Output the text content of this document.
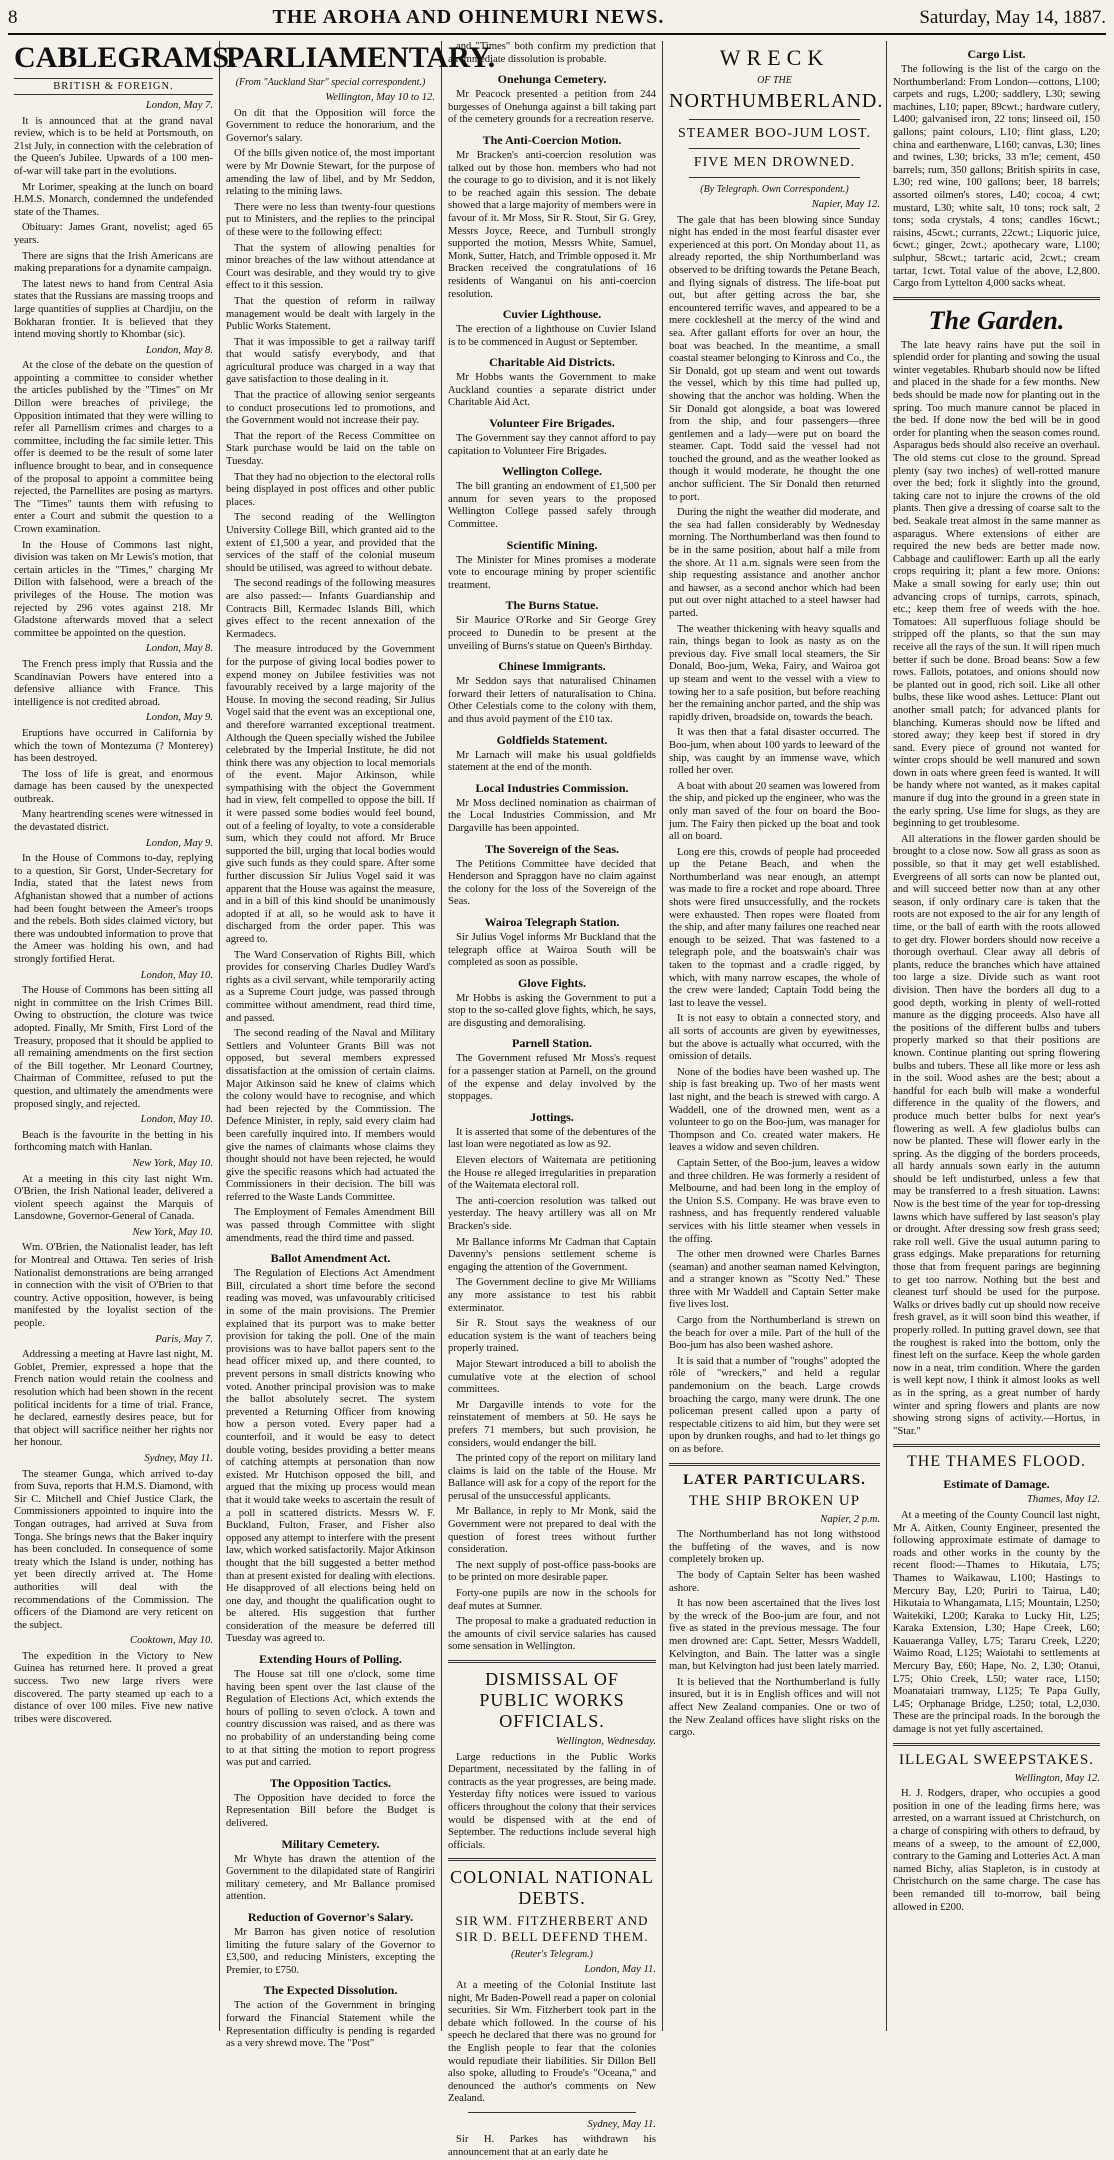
8	THE AROHA AND OHINEMURI NEWS.	Saturday, May 14, 1887.
CABLEGRAMS.
BRITISH & FOREIGN.

London, May 7.

It is announced that at the grand naval review, which is to be held at Portsmouth, on 21st July, in connection with the celebration of the Queen's Jubilee. Upwards of a 100 men-of-war will take part in the evolutions.

Mr Lorimer, speaking at the lunch on board H.M.S. Monarch, condemned the undefended state of the Thames.

Obituary: James Grant, novelist; aged 65 years.

There are signs that the Irish Americans are making preparations for a dynamite campaign.

The latest news to hand from Central Asia states that the Russians are massing troops and large quantities of supplies at Chardjiu, on the Bokharan frontier. It is believed that they intend moving shortly to Khombar (sic).

London, May 8.

At the close of the debate on the question of appointing a committee to consider whether the articles published by the "Times" on Mr Dillon were breaches of privilege, the Opposition intimated that they were willing to refer all Parnellism crimes and charges to a committee, including the fac simile letter. This offer is deemed to be the result of some later influence brought to bear, and in consequence of the proposal to appoint a committee being rejected, the Parnellites are posing as martyrs. The "Times" taunts them with refusing to enter a Court and submit the question to a Crown examination.

In the House of Commons last night, division was taken on Mr Lewis's motion, that certain articles in the "Times," charging Mr Dillon with falsehood, were a breach of the privileges of the House. The motion was rejected by 296 votes against 218. Mr Gladstone afterwards moved that a select committee be appointed on the question.

London, May 8.

The French press imply that Russia and the Scandinavian Powers have entered into a defensive alliance with France. This intelligence is not credited abroad.

London, May 9.

Eruptions have occurred in California by which the town of Montezuma (? Monterey) has been destroyed.

The loss of life is great, and enormous damage has been caused by the unexpected outbreak.

Many heartrending scenes were witnessed in the devastated district.

London, May 9.

In the House of Commons to-day, replying to a question, Sir Gorst, Under-Secretary for India, stated that the latest news from Afghanistan showed that a number of actions had been fought between the Ameer's troops and the rebels. Both sides claimed victory, but there was undoubted information to prove that the Ameer was holding his own, and had strongly fortified Herat.

London, May 10.

The House of Commons has been sitting all night in committee on the Irish Crimes Bill. Owing to obstruction, the cloture was twice adopted. Finally, Mr Smith, First Lord of the Treasury, proposed that it should be applied to all remaining amendments on the first section of the Bill together. Mr Leonard Courtney, Chairman of Committee, refused to put the question, and ultimately the amendments were proposed singly, and rejected.

London, May 10.

Beach is the favourite in the betting in his forthcoming match with Hanlan.

New York, May 10.

At a meeting in this city last night Wm. O'Brien, the Irish National leader, delivered a violent speech against the Marquis of Lansdowne, Governor-General of Canada.

New York, May 10.

Wm. O'Brien, the Nationalist leader, has left for Montreal and Ottawa. Ten series of Irish Nationalist demonstrations are being arranged in connection with the visit of O'Brien to that country. Active opposition, however, is being manifested by the loyalist section of the people.

Paris, May 7.

Addressing a meeting at Havre last night, M. Goblet, Premier, expressed a hope that the French nation would retain the coolness and resolution which had been shown in the recent political incidents for a time of trial. France, he declared, earnestly desires peace, but for that object will sacrifice neither her rights nor her honour.

Sydney, May 11.

The steamer Gunga, which arrived to-day from Suva, reports that H.M.S. Diamond, with Sir C. Mitchell and Chief Justice Clark, the Commissioners appointed to inquire into the Tongan outrages, had arrived at Suva from Tonga. She brings news that the Baker inquiry has been concluded. In consequence of some treaty which the Island is under, nothing has yet been directly arrived at. The Home authorities will deal with the recommendations of the Commission. The officers of the Diamond are very reticent on the subject.

Cooktown, May 10.

The expedition in the Victory to New Guinea has returned here. It proved a great success. Two new large rivers were discovered. The party steamed up each to a distance of over 100 miles. Five new native tribes were discovered.

PARLIAMENTARY.
(From "Auckland Star" special correspondent.)

Wellington, May 10 to 12.

On dit that the Opposition will force the Government to reduce the honorarium, and the Governor's salary.

Of the bills given notice of, the most important were by Mr Downie Stewart, for the purpose of amending the law of libel, and by Mr Seddon, relating to the mining laws.

There were no less than twenty-four questions put to Ministers, and the replies to the principal of these were to the following effect:

That the system of allowing penalties for minor breaches of the law without attendance at Court was desirable, and they would try to give effect to it this session.

That the question of reform in railway management would be dealt with largely in the Public Works Statement.

That it was impossible to get a railway tariff that would satisfy everybody, and that agricultural produce was charged in a way that gave satisfaction to those dealing in it.

That the practice of allowing senior sergeants to conduct prosecutions led to promotions, and the Government would not increase their pay.

That the report of the Recess Committee on Stark purchase would be laid on the table on Tuesday.

That they had no objection to the electoral rolls being displayed in post offices and other public places.

The second reading of the Wellington University College Bill, which granted aid to the extent of £1,500 a year, and provided that the services of the staff of the colonial museum should be utilised, was agreed to without debate.

The second readings of the following measures are also passed:— Infants Guardianship and Contracts Bill, Kermadec Islands Bill, which gives effect to the recent annexation of the Kermadecs.

The measure introduced by the Government for the purpose of giving local bodies power to expend money on Jubilee festivities was not favourably received by a large majority of the House. In moving the second reading, Sir Julius Vogel said that the event was an exceptional one, and therefore warranted exceptional treatment. Although the Queen specially wished the Jubilee celebrated by the Imperial Institute, he did not think there was any objection to local memorials of the event. Major Atkinson, while sympathising with the object the Government had in view, felt compelled to oppose the bill. If it were passed some bodies would feel bound, out of a feeling of loyalty, to vote a considerable sum, which they could not afford. Mr Bruce supported the bill, urging that local bodies would give such funds as they could spare. After some further discussion Sir Julius Vogel said it was apparent that the House was against the measure, and in a bill of this kind should be unanimously adopted if at all, so he would ask to have it discharged from the order paper. This was agreed to.

The Ward Conservation of Rights Bill, which provides for conserving Charles Dudley Ward's rights as a civil servant, while temporarily acting as a Supreme Court judge, was passed through committee without amendment, read third time, and passed.

The second reading of the Naval and Military Settlers and Volunteer Grants Bill was not opposed, but several members expressed dissatisfaction at the omission of certain claims. Major Atkinson said he knew of claims which the colony would have to recognise, and which had been rejected by the Commission. The Defence Minister, in reply, said every claim had been carefully inquired into. If members would give the names of claimants whose claims they thought should not have been rejected, he would give the specific reasons which had actuated the Commissioners in their decision. The bill was referred to the Waste Lands Committee.

The Employment of Females Amendment Bill was passed through Committee with slight amendments, read the third time and passed.

Ballot Amendment Act.

The Regulation of Elections Act Amendment Bill, circulated a short time before the second reading was moved, was unfavourably criticised in some of the main provisions. The Premier explained that its purport was to make better provision for taking the poll. One of the main provisions was to have ballot papers sent to the head officer mixed up, and there counted, to prevent persons in small districts knowing who voted. Another principal provision was to make the ballot absolutely secret. The system prevented a Returning Officer from knowing how a person voted. Every paper had a counterfoil, and it would be easy to detect double voting, besides providing a better means of catching attempts at personation than now existed. Mr Hutchison opposed the bill, and argued that the mixing up process would mean that it would take weeks to ascertain the result of a poll in scattered districts. Messrs W. F. Buckland, Fulton, Fraser, and Fisher also opposed any attempt to interfere with the present law, which worked satisfactorily. Major Atkinson thought that the bill suggested a better method than at present existed for dealing with elections. He disapproved of all elections being held on one day, and thought the qualification ought to be altered. His suggestion that further consideration of the measure be deferred till Tuesday was agreed to.

Extending Hours of Polling.

The House sat till one o'clock, some time having been spent over the last clause of the Regulation of Elections Act, which extends the hours of polling to seven o'clock. A town and country discussion was raised, and as there was no probability of an understanding being come to at that sitting the motion to report progress was put and carried.

The Opposition Tactics.

The Opposition have decided to force the Representation Bill before the Budget is delivered.

Military Cemetery.

Mr Whyte has drawn the attention of the Government to the dilapidated state of Rangiriri military cemetery, and Mr Ballance promised attention.

Reduction of Governor's Salary.

Mr Barron has given notice of resolution limiting the future salary of the Governor to £3,500, and reducing Ministers, excepting the Premier, to £750.

The Expected Dissolution.

The action of the Government in bringing forward the Financial Statement while the Representation difficulty is pending is regarded as a very shrewd move. The "Post"

and "Times" both confirm my prediction that an immediate dissolution is probable.

Onehunga Cemetery.

Mr Peacock presented a petition from 244 burgesses of Onehunga against a bill taking part of the cemetery grounds for a recreation reserve.

The Anti-Coercion Motion.

Mr Bracken's anti-coercion resolution was talked out by those hon. members who had not the courage to go to division, and it is not likely to be reached again this session. The debate showed that a large majority of members were in favour of it. Mr Moss, Sir R. Stout, Sir G. Grey, Messrs Joyce, Reece, and Turnbull strongly supported the motion, Messrs White, Samuel, Monk, Sutter, Hatch, and Trimble opposed it. Mr Bracken received the congratulations of 16 residents of Wanganui on his anti-coercion resolution.

Cuvier Lighthouse.

The erection of a lighthouse on Cuvier Island is to be commenced in August or September.

Charitable Aid Districts.

Mr Hobbs wants the Government to make Auckland counties a separate district under Charitable Aid Act.

Volunteer Fire Brigades.

The Government say they cannot afford to pay capitation to Volunteer Fire Brigades.

Wellington College.

The bill granting an endowment of £1,500 per annum for seven years to the proposed Wellington College passed safely through Committee.

Scientific Mining.

The Minister for Mines promises a moderate vote to encourage mining by proper scientific treatment.

The Burns Statue.

Sir Maurice O'Rorke and Sir George Grey proceed to Dunedin to be present at the unveiling of Burns's statue on Queen's Birthday.

Chinese Immigrants.

Mr Seddon says that naturalised Chinamen forward their letters of naturalisation to China. Other Celestials come to the colony with them, and thus avoid payment of the £10 tax.

Goldfields Statement.

Mr Larnach will make his usual goldfields statement at the end of the month.

Local Industries Commission.

Mr Moss declined nomination as chairman of the Local Industries Commission, and Mr Dargaville has been appointed.

The Sovereign of the Seas.

The Petitions Committee have decided that Henderson and Spraggon have no claim against the colony for the loss of the Sovereign of the Seas.

Wairoa Telegraph Station.

Sir Julius Vogel informs Mr Buckland that the telegraph office at Wairoa South will be completed as soon as possible.

Glove Fights.

Mr Hobbs is asking the Government to put a stop to the so-called glove fights, which, he says, are disgusting and demoralising.

Parnell Station.

The Government refused Mr Moss's request for a passenger station at Parnell, on the ground of the expense and delay involved by the stoppages.

Jottings.

It is asserted that some of the debentures of the last loan were negotiated as low as 92.

Eleven electors of Waitemata are petitioning the House re alleged irregularities in preparation of the Waitemata electoral roll.

The anti-coercion resolution was talked out yesterday. The heavy artillery was all on Mr Bracken's side.

Mr Ballance informs Mr Cadman that Captain Davenny's pensions settlement scheme is engaging the attention of the Government.

The Government decline to give Mr Williams any more assistance to test his rabbit exterminator.

Sir R. Stout says the weakness of our education system is the want of teachers being properly trained.

Major Stewart introduced a bill to abolish the cumulative vote at the election of school committees.

Mr Dargaville intends to vote for the reinstatement of members at 50. He says he prefers 71 members, but such provision, he considers, would endanger the bill.

The printed copy of the report on military land claims is laid on the table of the House. Mr Ballance will ask for a copy of the report for the perusal of the unsuccessful applicants.

Mr Ballance, in reply to Mr Monk, said the Government were not prepared to deal with the question of forest trees without further consideration.

The next supply of post-office pass-books are to be printed on more desirable paper.

Forty-one pupils are now in the schools for deaf mutes at Sumner.

The proposal to make a graduated reduction in the amounts of civil service salaries has caused some sensation in Wellington.

DISMISSAL OF PUBLIC WORKS OFFICIALS.

Wellington, Wednesday.

Large reductions in the Public Works Department, necessitated by the falling in of contracts as the year progresses, are being made. Yesterday fifty notices were issued to various officers throughout the colony that their services would be dispensed with at the end of September. The reductions include several high officials.

COLONIAL NATIONAL DEBTS.
SIR WM. FITZHERBERT AND SIR D. BELL DEFEND THEM.
(Reuter's Telegram.)

London, May 11.

At a meeting of the Colonial Institute last night, Mr Baden-Powell read a paper on colonial securities. Sir Wm. Fitzherbert took part in the debate which followed. In the course of his speech he declared that there was no ground for the English people to fear that the colonies would repudiate their liabilities. Sir Dillon Bell also spoke, alluding to Froude's "Oceana," and denounced the author's comments on New Zealand.

Sydney, May 11.

Sir H. Parkes has withdrawn his announcement that at an early date he

WRECK
OF THE
NORTHUMBERLAND.
STEAMER BOO-JUM LOST.
FIVE MEN DROWNED.
(By Telegraph. Own Correspondent.)

Napier, May 12.

The gale that has been blowing since Sunday night has ended in the most fearful disaster ever experienced at this port. On Monday about 11, as already reported, the ship Northumberland was observed to be drifting towards the Petane Beach, and flying signals of distress. The life-boat put out, but after getting across the bar, she encountered terrific waves, and appeared to be a mere cockleshell at the mercy of the wind and sea. After gallant efforts for over an hour, the boat was beached. In the meantime, a small coastal steamer belonging to Kinross and Co., the Sir Donald, got up steam and went out towards the vessel, which by this time had pulled up, showing that the anchor was holding. When the Sir Donald got alongside, a boat was lowered from the ship, and four passengers—three gentlemen and a lady—were put on board the steamer. Capt. Todd said the vessel had not touched the ground, and as the weather looked as though it would moderate, he thought the one anchor sufficient. The Sir Donald then returned to port.

During the night the weather did moderate, and the sea had fallen considerably by Wednesday morning. The Northumberland was then found to be in the same position, about half a mile from the shore. At 11 a.m. signals were seen from the ship requesting assistance and another anchor and hawser, as a second anchor which had been put out over night attached to a steel hawser had parted.

The weather thickening with heavy squalls and rain, things began to look as nasty as on the previous day. Five small local steamers, the Sir Donald, Boo-jum, Weka, Fairy, and Wairoa got up steam and went to the vessel with a view to towing her to a safe position, but before reaching her the remaining anchor parted, and the ship was rapidly driven, broadside on, towards the beach.

It was then that a fatal disaster occurred. The Boo-jum, when about 100 yards to leeward of the ship, was caught by an immense wave, which rolled her over.

A boat with about 20 seamen was lowered from the ship, and picked up the engineer, who was the only man saved of the four on board the Boo-jum. The Fairy then picked up the boat and took all on board.

Long ere this, crowds of people had proceeded up the Petane Beach, and when the Northumberland was near enough, an attempt was made to fire a rocket and rope aboard. Three shots were fired unsuccessfully, and the rockets were exhausted. Then ropes were floated from the ship, and after many failures one reached near enough to be seized. That was fastened to a telegraph pole, and the boatswain's chair was taken to the topmast and a cradle rigged, by which, with many narrow escapes, the whole of the crew were landed; Captain Todd being the last to leave the vessel.

It is not easy to obtain a connected story, and all sorts of accounts are given by eyewitnesses, but the above is actually what occurred, with the omission of details.

None of the bodies have been washed up. The ship is fast breaking up. Two of her masts went last night, and the beach is strewed with cargo. A Waddell, one of the drowned men, went as a volunteer to go on the Boo-jum, was manager for Thompson and Co. created water makers. He leaves a widow and seven children.

Captain Setter, of the Boo-jum, leaves a widow and three children. He was formerly a resident of Melbourne, and had been long in the employ of the Union S.S. Company. He was brave even to rashness, and has frequently rendered valuable services with his little steamer when vessels in the offing.

The other men drowned were Charles Barnes (seaman) and another seaman named Kelvington, and a stranger known as "Scotty Ned." These three with Mr Waddell and Captain Setter make five lives lost.

Cargo from the Northumberland is strewn on the beach for over a mile. Part of the hull of the Boo-jum has also been washed ashore.

It is said that a number of "roughs" adopted the rôle of "wreckers," and held a regular pandemonium on the beach. Large crowds broaching the cargo, many were drunk. The one policeman present called upon a party of respectable citizens to aid him, but they were set upon by drunken roughs, and had to let things go on as before.

LATER PARTICULARS.
THE SHIP BROKEN UP

Napier, 2 p.m.

The Northumberland has not long withstood the buffeting of the waves, and is now completely broken up.

The body of Captain Selter has been washed ashore.

It has now been ascertained that the lives lost by the wreck of the Boo-jum are four, and not five as stated in the previous message. The four men drowned are: Capt. Setter, Messrs Waddell, Kelvington, and Bain. The latter was a single man, but Kelvington had just been lately married.

It is believed that the Northumberland is fully insured, but it is in English offices and will not affect New Zealand companies. One or two of the New Zealand offices have slight risks on the cargo.

Cargo List.

The following is the list of the cargo on the Northumberland: From London—cottons, L100; carpets and rugs, L200; saddlery, L30; sewing machines, L10; paper, 89cwt.; hardware cutlery, L400; galvanised iron, 22 tons; linseed oil, 150 gallons; paint colours, L10; flint glass, L20; china and earthenware, L160; canvas, L30; lines and twines, L30; bricks, 33 m'le; cement, 450 barrels; rum, 350 gallons; British spirits in case, L30; red wine, 100 gallons; beer, 18 barrels; assorted oilmen's stores, L40; cocoa, 4 cwt; mustard, L30; white salt, 10 tons; rock salt, 2 tons; soda crystals, 4 tons; candles 16cwt.; raisins, 45cwt.; currants, 22cwt.; Liquoric juice, 6cwt.; ginger, 2cwt.; apothecary ware, L100; sulphur, 58cwt.; tartaric acid, 2cwt.; cream tartar, 1cwt. Total value of the above, L2,800. Cargo from Lyttelton 4,000 sacks wheat.

The Garden.

The late heavy rains have put the soil in splendid order for planting and sowing the usual winter vegetables. Rhubarb should now be lifted and placed in the shade for a few months. New beds should be made now for planting out in the spring. Too much manure cannot be placed in the bed. If done now the bed will be in good order for planting when the season comes round. Asparagus beds should also receive an overhaul. The old stems cut close to the ground. Spread plenty (say two inches) of well-rotted manure over the bed; fork it slightly into the ground, taking care not to injure the crowns of the old plants. Then give a dressing of coarse salt to the bed. Seakale treat almost in the same manner as asparagus. Where extensions of either are required the new beds are better made now. Cabbage and cauliflower: Earth up all the early crops requiring it; plant a few more. Onions: Make a small sowing for early use; thin out advancing crops of turnips, carrots, spinach, etc.; keep them free of weeds with the hoe. Tomatoes: All superfluous foliage should be stripped off the plants, so that the sun may receive all the rays of the sun. It will ripen much better if such be done. Broad beans: Sow a few rows. Fallots, potatoes, and onions should now be planted out in good, rich soil. Like all other bulbs, these like wood ashes. Lettuce: Plant out another small patch; for advanced plants for blanching. Kumeras should now be lifted and stored away; they keep best if stored in dry sand. Every piece of ground not wanted for winter crops should be well manured and sown down in oats where green feed is wanted. It will be handy where not wanted, as it makes capital manure if dug into the ground in a green state in the early spring. Use lime for slugs, as they are beginning to get troublesome.

All alterations in the flower garden should be brought to a close now. Sow all grass as soon as possible, so that it may get well established. Evergreens of all sorts can now be planted out, and will succeed better now than at any other season, if only ordinary care is taken that the roots are not exposed to the air for any length of time, or the ball of earth with the roots allowed to get dry. Flower borders should now receive a thorough overhaul. Clear away all debris of plants, reduce the branches which have attained too large a size. Divide such as want root division. Then have the borders all dug to a good depth, working in plenty of well-rotted manure as the digging proceeds. Also have all the positions of the different bulbs and tubers properly marked so that their positions are known. Continue planting out spring flowering bulbs and tubers. These all like more or less ash in the soil. Wood ashes are the best; about a handful for each bulb will make a wonderful difference in the quality of the flowers, and produce much better bulbs for next year's flowering as well. A few gladiolus bulbs can now be planted. These will flower early in the spring. As the digging of the borders proceeds, all hardy annuals sown early in the autumn should be left undisturbed, unless a few that may be transferred to a fresh situation. Lawns: Now is the best time of the year for top-dressing lawns which have suffered by last season's play or drought. After dressing sow fresh grass seed; rake roll well. Give the usual autumn paring to grass edgings. Make preparations for returning those that from frequent parings are beginning to get too narrow. Nothing but the best and cleanest turf should be used for the purpose. Walks or drives badly cut up should now receive fresh gravel, as it will soon bind this weather, if properly rolled. In putting gravel down, see that the roughest is raked into the bottom, only the finest left on the surface. Keep the whole garden now in a neat, trim condition. Where the garden is well kept now, I think it almost looks as well as in the spring, as a great number of hardy winter and spring flowers and plants are now showing strong signs of activity.—Hortus, in "Star."

THE THAMES FLOOD.
Estimate of Damage.

Thames, May 12.

At a meeting of the County Council last night, Mr A. Aitken, County Engineer, presented the following approximate estimate of damage to roads and other works in the county by the recent flood:—Thames to Hikutaia, L75; Thames to Waikawau, L100; Hastings to Mercury Bay, L20; Puriri to Tairua, L40; Hikutaia to Whangamata, L15; Mountain, L250; Waitekiki, L200; Karaka to Lucky Hit, L25; Karaka Extension, L30; Hape Creek, L60; Kauaeranga Valley, L75; Tararu Creek, L220; Waimo Road, L125; Waiotahi to settlements at Mercury Bay, £60; Hape, No. 2, L30; Otanui, L75; Ohio Creek, L50; water race, L150; Moanataiari tramway, L125; Te Papa Gully, L45; Orphanage Bridge, L250; total, L2,030. These are the principal roads. In the borough the damage is not yet fully ascertained.

ILLEGAL SWEEPSTAKES.

Wellington, May 12.

H. J. Rodgers, draper, who occupies a good position in one of the leading firms here, was arrested, on a warrant issued at Christchurch, on a charge of conspiring with others to defraud, by means of a sweep, to the amount of £2,000, contrary to the Gaming and Lotteries Act. A man named Bichy, alias Stapleton, is in custody at Christchurch on the same charge. The case has been remanded till to-morrow, bail being allowed in £200.
